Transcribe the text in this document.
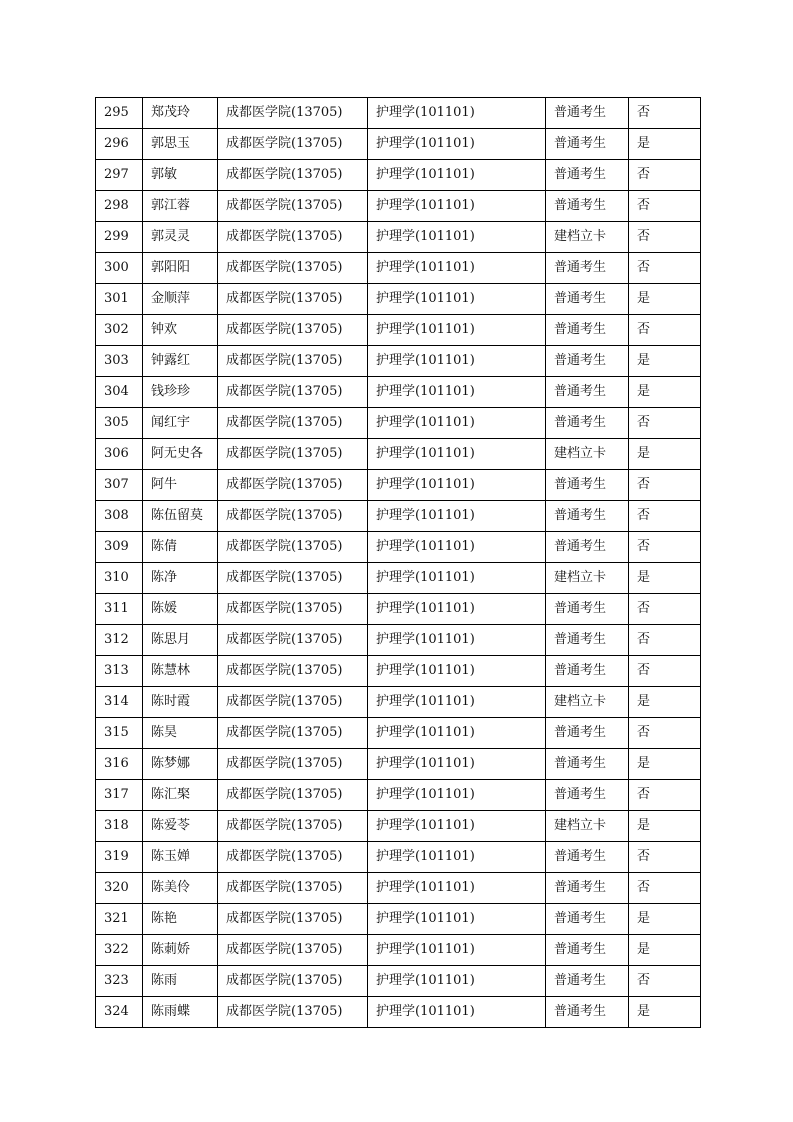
295	郑茂玲	成都医学院(13705)	护理学(101101)	普通考生	否
296	郭思玉	成都医学院(13705)	护理学(101101)	普通考生	是
297	郭敏	成都医学院(13705)	护理学(101101)	普通考生	否
298	郭江蓉	成都医学院(13705)	护理学(101101)	普通考生	否
299	郭灵灵	成都医学院(13705)	护理学(101101)	建档立卡	否
300	郭阳阳	成都医学院(13705)	护理学(101101)	普通考生	否
301	金顺萍	成都医学院(13705)	护理学(101101)	普通考生	是
302	钟欢	成都医学院(13705)	护理学(101101)	普通考生	否
303	钟露红	成都医学院(13705)	护理学(101101)	普通考生	是
304	钱珍珍	成都医学院(13705)	护理学(101101)	普通考生	是
305	闻红宇	成都医学院(13705)	护理学(101101)	普通考生	否
306	阿无史各	成都医学院(13705)	护理学(101101)	建档立卡	是
307	阿牛	成都医学院(13705)	护理学(101101)	普通考生	否
308	陈伍留莫	成都医学院(13705)	护理学(101101)	普通考生	否
309	陈倩	成都医学院(13705)	护理学(101101)	普通考生	否
310	陈净	成都医学院(13705)	护理学(101101)	建档立卡	是
311	陈媛	成都医学院(13705)	护理学(101101)	普通考生	否
312	陈思月	成都医学院(13705)	护理学(101101)	普通考生	否
313	陈慧林	成都医学院(13705)	护理学(101101)	普通考生	否
314	陈时霞	成都医学院(13705)	护理学(101101)	建档立卡	是
315	陈昊	成都医学院(13705)	护理学(101101)	普通考生	否
316	陈梦娜	成都医学院(13705)	护理学(101101)	普通考生	是
317	陈汇棸	成都医学院(13705)	护理学(101101)	普通考生	否
318	陈爱苓	成都医学院(13705)	护理学(101101)	建档立卡	是
319	陈玉婵	成都医学院(13705)	护理学(101101)	普通考生	否
320	陈美伶	成都医学院(13705)	护理学(101101)	普通考生	否
321	陈艳	成都医学院(13705)	护理学(101101)	普通考生	是
322	陈莿娇	成都医学院(13705)	护理学(101101)	普通考生	是
323	陈雨	成都医学院(13705)	护理学(101101)	普通考生	否
324	陈雨蝶	成都医学院(13705)	护理学(101101)	普通考生	是
